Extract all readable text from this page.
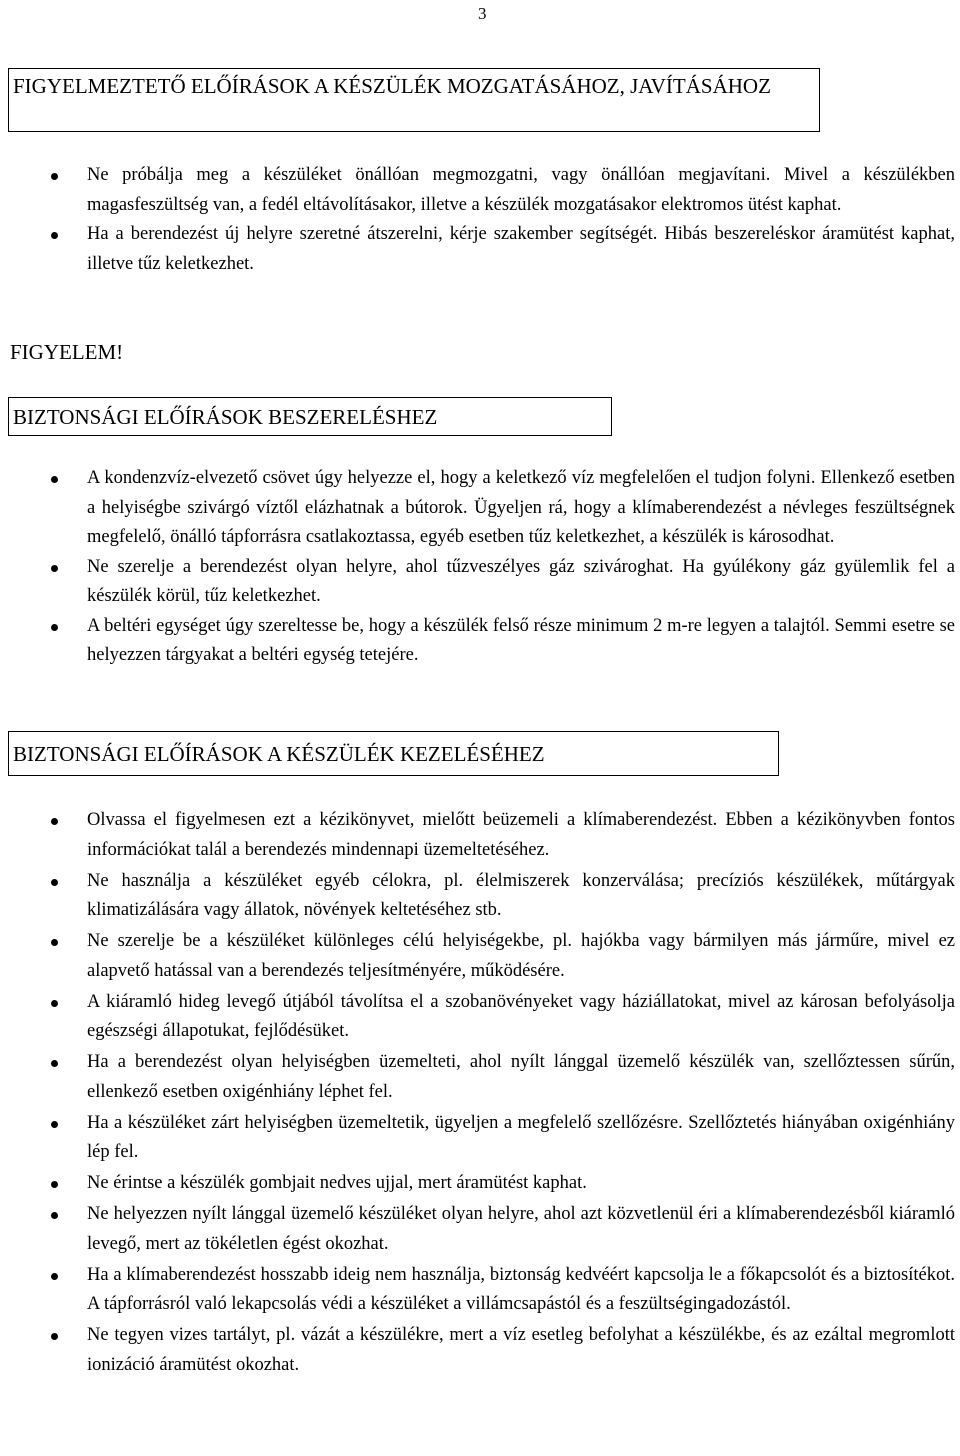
3
FIGYELMEZTETŐ ELŐÍRÁSOK A KÉSZÜLÉK MOZGATÁSÁHOZ, JAVÍTÁSÁHOZ
Ne próbálja meg a készüléket önállóan megmozgatni, vagy önállóan megjavítani. Mivel a készülékben magasfeszültség van, a fedél eltávolításakor, illetve a készülék mozgatásakor elektromos ütést kaphat.
Ha a berendezést új helyre szeretné átszerelni, kérje szakember segítségét. Hibás beszereléskor áramütést kaphat, illetve tűz keletkezhet.
FIGYELEM!
BIZTONSÁGI ELŐÍRÁSOK BESZERELÉSHEZ
A kondenzvíz-elvezető csövet úgy helyezze el, hogy a keletkező víz megfelelően el tudjon folyni. Ellenkező esetben a helyiségbe szivárgó víztől elázhatnak a bútorok. Ügyeljen rá, hogy a klímaberendezést a névleges feszültségnek megfelelő, önálló tápforrásra csatlakoztassa, egyéb esetben tűz keletkezhet, a készülék is károsodhat.
Ne szerelje a berendezést olyan helyre, ahol tűzveszélyes gáz szivároghat. Ha gyúlékony gáz gyülemlik fel a készülék körül, tűz keletkezhet.
A beltéri egységet úgy szereltesse be, hogy a készülék felső része minimum 2 m-re legyen a talajtól. Semmi esetre se helyezzen tárgyakat a beltéri egység tetejére.
BIZTONSÁGI ELŐÍRÁSOK A KÉSZÜLÉK KEZELÉSÉHEZ
Olvassa el figyelmesen ezt a kézikönyvet, mielőtt beüzemeli a klímaberendezést. Ebben a kézikönyvben fontos információkat talál a berendezés mindennapi üzemeltetéséhez.
Ne használja a készüléket egyéb célokra, pl. élelmiszerek konzerválása; precíziós készülékek, műtárgyak klimatizálására vagy állatok, növények keltetéséhez stb.
Ne szerelje be a készüléket különleges célú helyiségekbe, pl. hajókba vagy bármilyen más járműre, mivel ez alapvető hatással van a berendezés teljesítményére, működésére.
A kiáramló hideg levegő útjából távolítsa el a szobanövényeket vagy háziállatokat, mivel az károsan befolyásolja egészségi állapotukat, fejlődésüket.
Ha a berendezést olyan helyiségben üzemelteti, ahol nyílt lánggal üzemelő készülék van, szellőztessen sűrűn, ellenkező esetben oxigénhiány léphet fel.
Ha a készüléket zárt helyiségben üzemeltetik, ügyeljen a megfelelő szellőzésre. Szellőztetés hiányában oxigénhiány lép fel.
Ne érintse a készülék gombjait nedves ujjal, mert áramütést kaphat.
Ne helyezzen nyílt lánggal üzemelő készüléket olyan helyre, ahol azt közvetlenül éri a klímaberendezésből kiáramló levegő, mert az tökéletlen égést okozhat.
Ha a klímaberendezést hosszabb ideig nem használja, biztonság kedvéért kapcsolja le a főkapcsolót és a biztosítékot. A tápforrásról való lekapcsolás védi a készüléket a villámcsapástól és a feszültségingadozástól.
Ne tegyen vizes tartályt, pl. vázát a készülékre, mert a víz esetleg befolyhat a készülékbe, és az ezáltal megromlott ionizáció áramütést okozhat.
